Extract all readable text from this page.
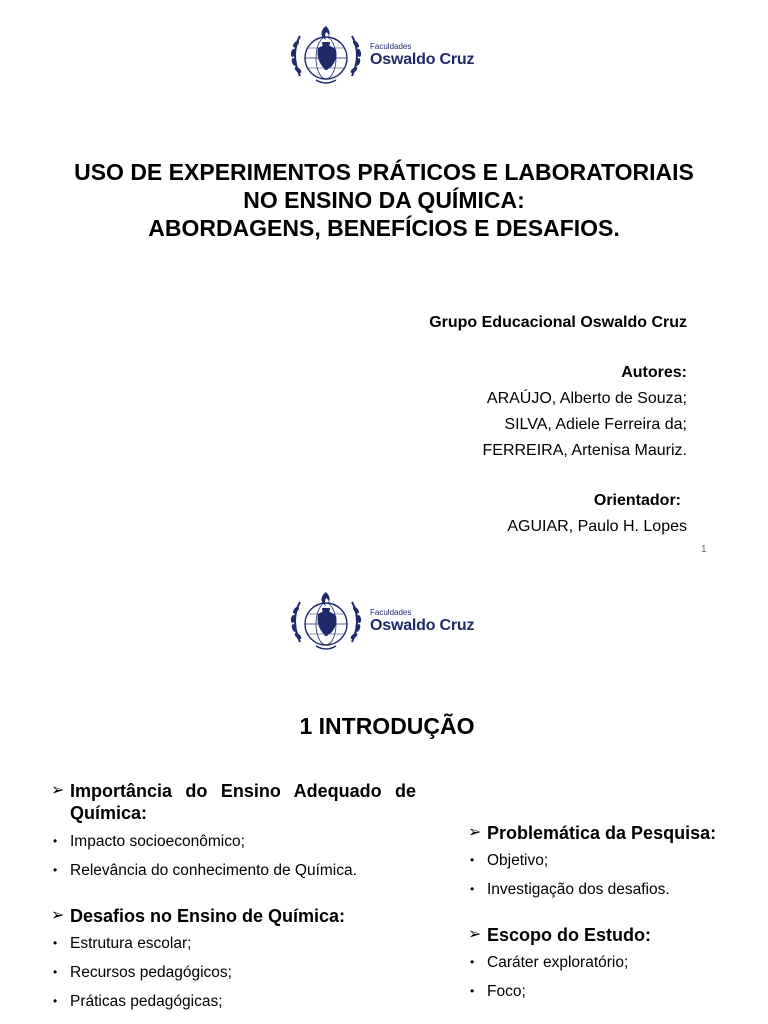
Faculdades
Oswaldo Cruz
USO DE EXPERIMENTOS PRÁTICOS E LABORATORIAIS
NO ENSINO DA QUÍMICA:
ABORDAGENS, BENEFÍCIOS E DESAFIOS.
Grupo Educacional Oswaldo Cruz
Autores:
ARAÚJO, Alberto de Souza;
SILVA, Adiele Ferreira da;
FERREIRA, Artenisa Mauriz.
Orientador:
AGUIAR, Paulo H. Lopes
1
Faculdades
Oswaldo Cruz
1 INTRODUÇÃO
➢ Importância do Ensino Adequado de
Química:
• Impacto socioeconômico;
• Relevância do conhecimento de Química.
➢ Desafios no Ensino de Química:
• Estrutura escolar;
• Recursos pedagógicos;
• Práticas pedagógicas;
➢ Problemática da Pesquisa:
• Objetivo;
• Investigação dos desafios.
➢ Escopo do Estudo:
• Caráter exploratório;
• Foco;
